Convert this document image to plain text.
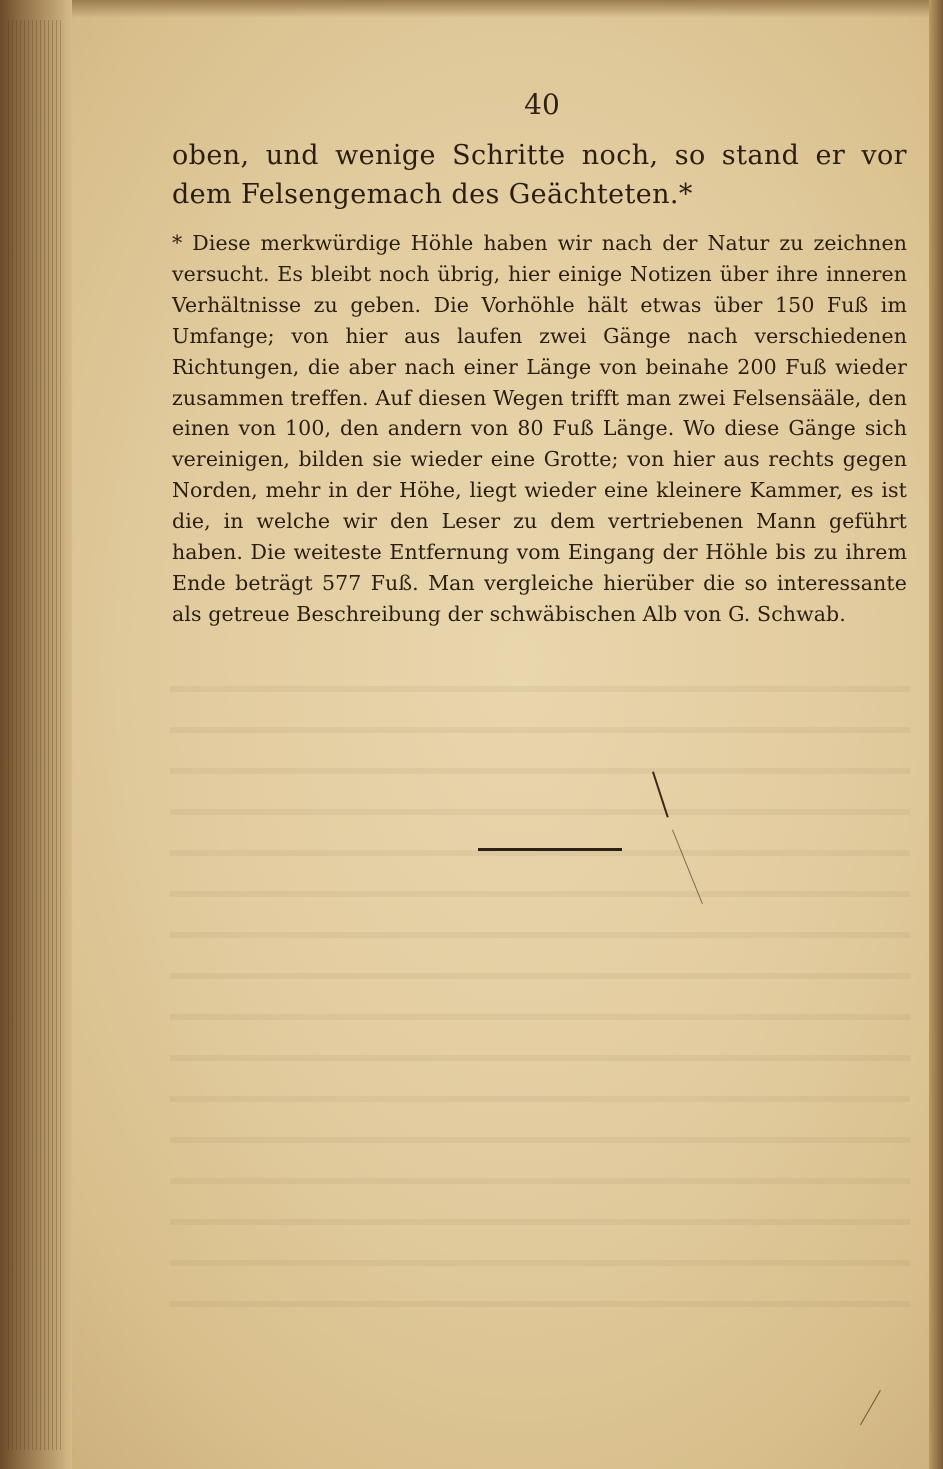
40
oben, und wenige Schritte noch, so stand er vor dem Felsengemach des Geächteten.*
* Diese merkwürdige Höhle haben wir nach der Natur zu zeichnen versucht. Es bleibt noch übrig, hier einige Notizen über ihre inneren Verhältnisse zu geben. Die Vorhöhle hält etwas über 150 Fuß im Umfange; von hier aus laufen zwei Gänge nach verschiedenen Richtungen, die aber nach einer Länge von beinahe 200 Fuß wieder zusammen treffen. Auf diesen Wegen trifft man zwei Felsensääle, den einen von 100, den andern von 80 Fuß Länge. Wo diese Gänge sich vereinigen, bilden sie wieder eine Grotte; von hier aus rechts gegen Norden, mehr in der Höhe, liegt wieder eine kleinere Kammer, es ist die, in welche wir den Leser zu dem vertriebenen Mann geführt haben. Die weiteste Entfernung vom Eingang der Höhle bis zu ihrem Ende beträgt 577 Fuß. Man vergleiche hierüber die so interessante als getreue Beschreibung der schwäbischen Alb von G. Schwab.
